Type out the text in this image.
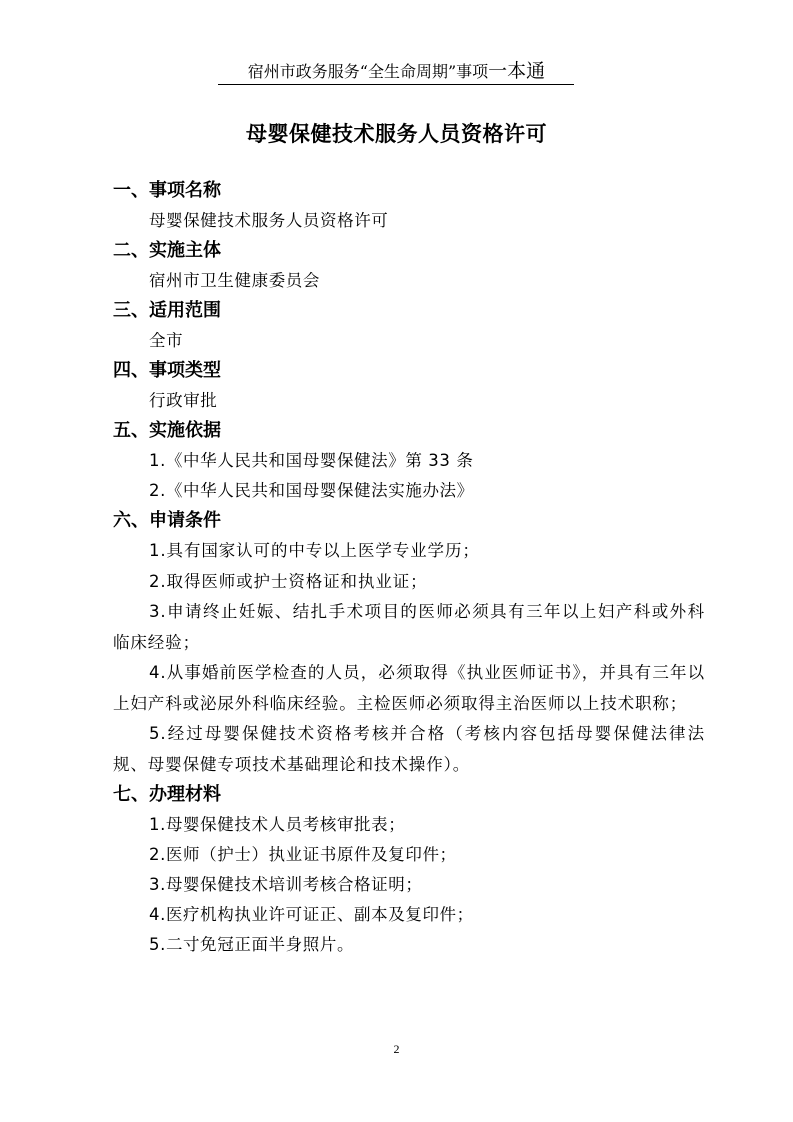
宿州市政务服务“全生命周期”事项一本通
母婴保健技术服务人员资格许可

一、事项名称

母婴保健技术服务人员资格许可

二、实施主体

宿州市卫生健康委员会

三、适用范围

全市

四、事项类型

行政审批

五、实施依据

1.《中华人民共和国母婴保健法》第 33 条

2.《中华人民共和国母婴保健法实施办法》

六、申请条件

1.具有国家认可的中专以上医学专业学历；

2.取得医师或护士资格证和执业证；

3.申请终止妊娠、结扎手术项目的医师必须具有三年以上妇产科或外科临床经验；

4.从事婚前医学检查的人员，必须取得《执业医师证书》，并具有三年以上妇产科或泌尿外科临床经验。主检医师必须取得主治医师以上技术职称；

5.经过母婴保健技术资格考核并合格（考核内容包括母婴保健法律法规、母婴保健专项技术基础理论和技术操作）。

七、办理材料

1.母婴保健技术人员考核审批表；

2.医师（护士）执业证书原件及复印件；

3.母婴保健技术培训考核合格证明；

4.医疗机构执业许可证正、副本及复印件；

5.二寸免冠正面半身照片。

2
